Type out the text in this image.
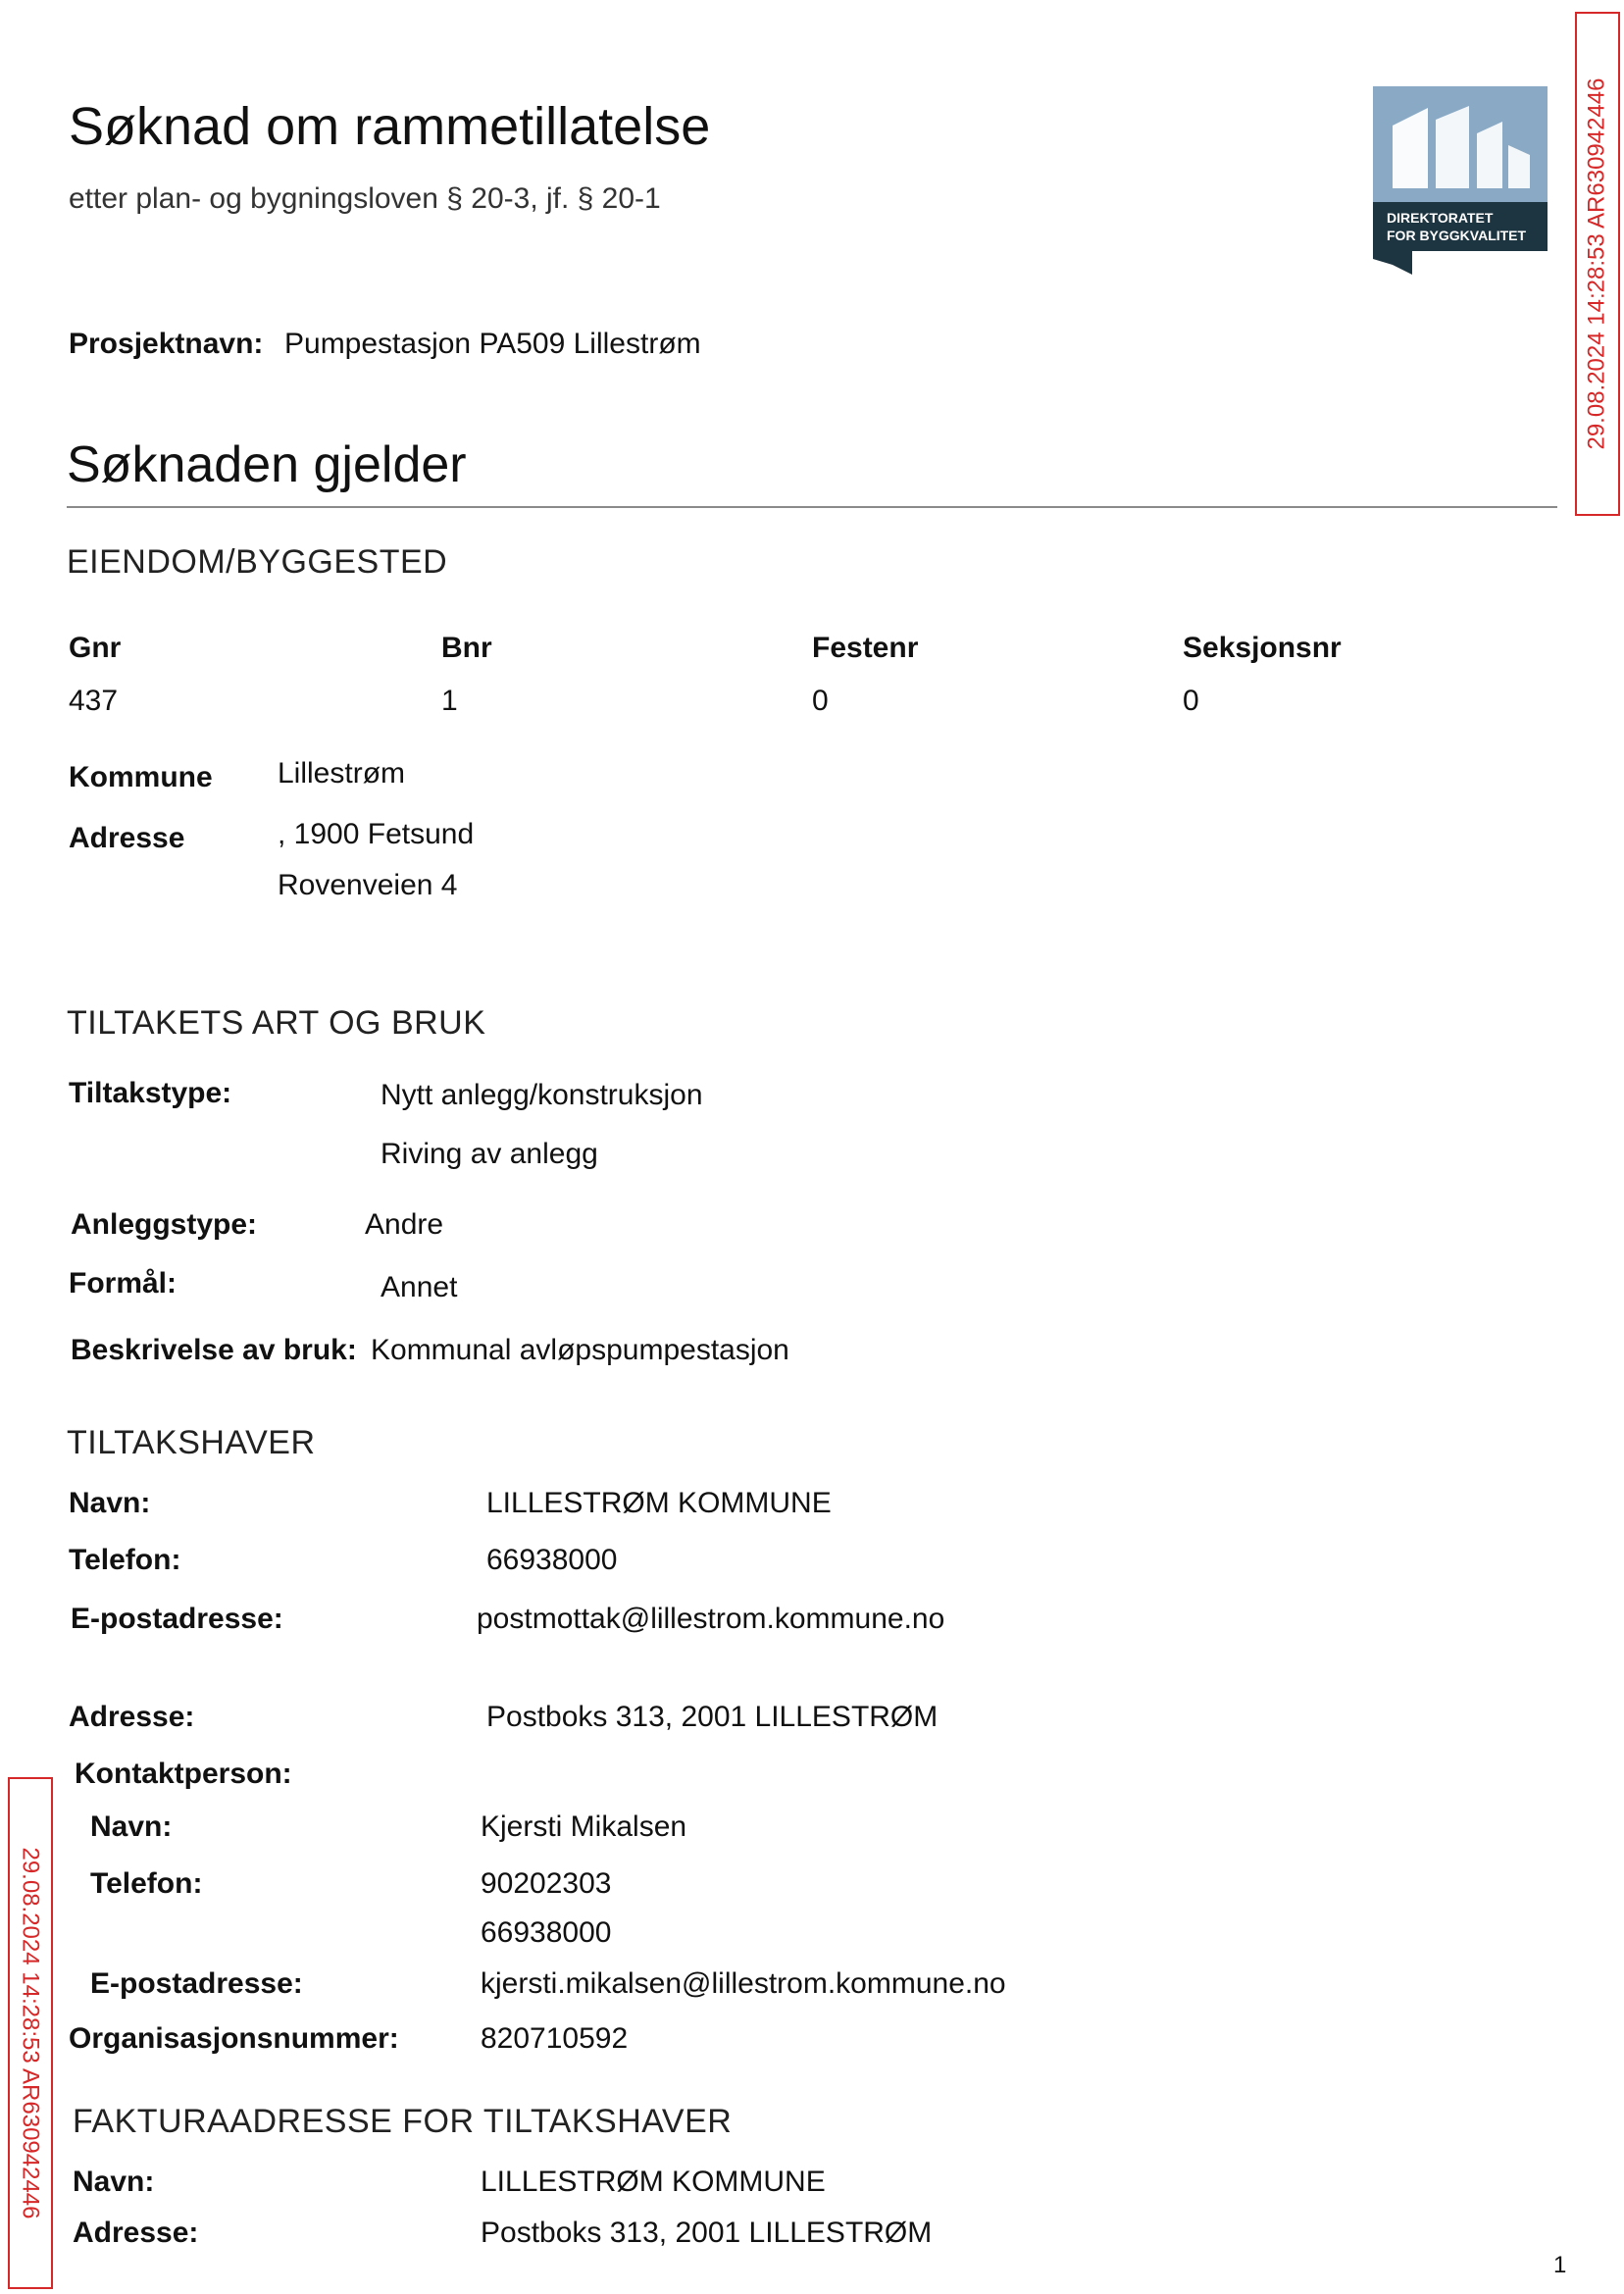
Søknad om rammetillatelse
etter plan- og bygningsloven § 20-3, jf. § 20-1
DIREKTORATET
FOR BYGGKVALITET 29.08.2024 14:28:53 AR630942446
29.08.2024 14:28:53 AR630942446
Prosjektnavn: Pumpestasjon PA509 Lillestrøm
Søknaden gjelder
EIENDOM/BYGGESTED
Gnr	Bnr	Festenr	Seksjonsnr
437	1	0	0
Kommune Lillestrøm
Adresse	, 1900 Fetsund
Rovenveien 4
TILTAKETS ART OG BRUK
Tiltakstype:	Nytt anlegg/konstruksjon
Riving av anlegg
Anleggstype:	Andre
Formål:	Annet
Beskrivelse av bruk: Kommunal avløpspumpestasjon
TILTAKSHAVER
Navn:	LILLESTRØM KOMMUNE
Telefon:	66938000
E-postadresse:	postmottak@lillestrom.kommune.no
Adresse:	Postboks 313, 2001 LILLESTRØM
Kontaktperson:
Navn:	Kjersti Mikalsen
Telefon:	90202303
66938000
E-postadresse:	kjersti.mikalsen@lillestrom.kommune.no
Organisasjonsnummer:	820710592
FAKTURAADRESSE FOR TILTAKSHAVER
Navn:	LILLESTRØM KOMMUNE
Adresse:	Postboks 313, 2001 LILLESTRØM
1
